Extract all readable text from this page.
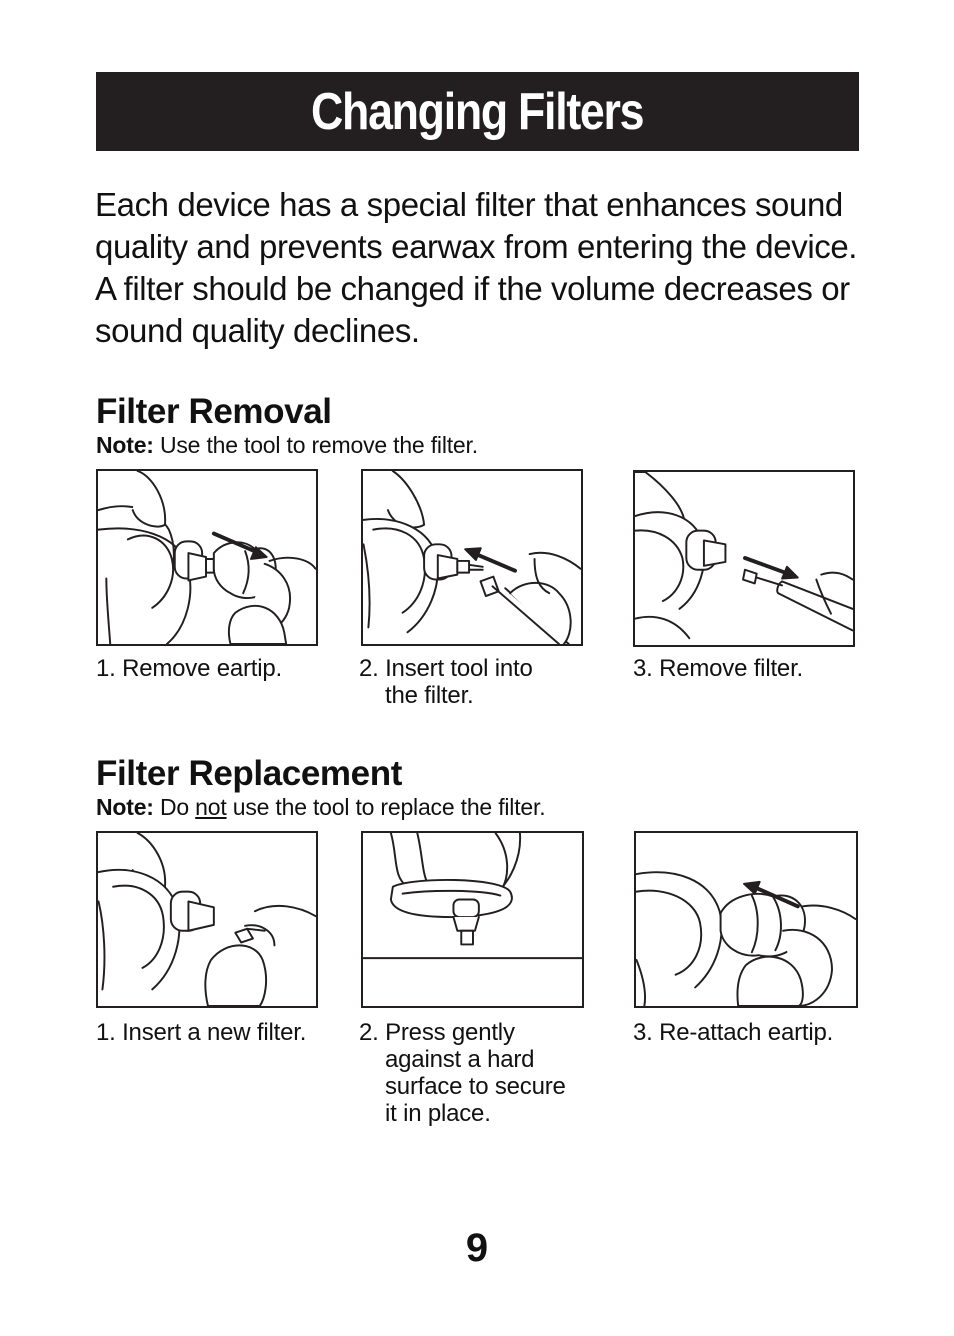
Changing Filters

Each device has a special filter that enhances sound quality and prevents earwax from entering the device. A filter should be changed if the volume decreases or sound quality declines.

Filter Removal
Note: Use the tool to remove the filter.
1. Remove eartip.	2. Insert tool into
the filter.
3. Remove filter.
Filter Replacement
Note: Do not use the tool to replace the filter.
1. Insert a new filter. 2. Press gently
against a hard
surface to secure
it in place.
3. Re-attach eartip.
9
